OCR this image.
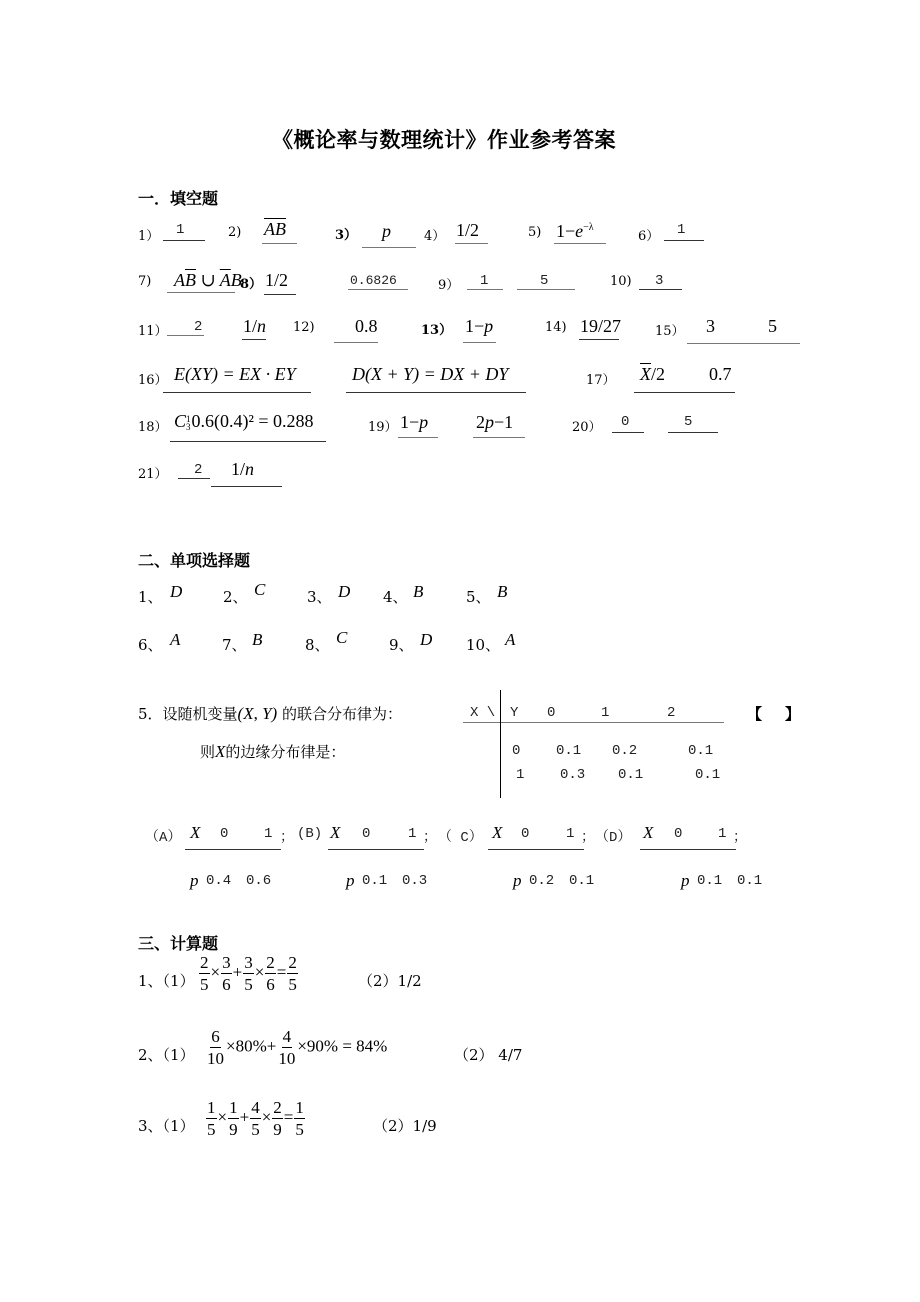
《概论率与数理统计》作业参考答案
一．填空题
1） 1	2) $\overline{A}\overline{B}$	3） p	4） 1/2	5) $1-e^{-\lambda}$
6） 1
7) $A\overline{B}$ ∪ $\overline{A}B$
8） 1/2	0.6826	9） 1	5	10) 3
11） 2 1/n 12) 0.8	13） 1−p	14) 19/27	15） 3	5
16） E(XY) = EX · EY	D(X + Y) = DX + DY	17） $\overline{X}/2$ 0.7
18） C 1
3 0.6(0.4)² = 0.288	19） 1−p	2p−1	20） 0	5
21） 2 1/n
二、单项选择题
1、 D	2、 C	3、 D 4、 B	5、 B
6、 A	7、 B	8、 C	9、 D 10、 A
5．设随机变量(X, Y) 的联合分布律为：
则X的边缘分布律是：
X \ Y 0	1	2
0	0.1 0.2	0.1
1	0.3 0.1	0.1
【 】
（A） X 0	1 ；
p 0.4 0.6
(B) X 0	1 ；
p 0.1 0.3
（ C） X 0	1 ；
p 0.2 0.1
（D） X 0	1 ；
p 0.1 0.1
三、计算题
1、$(1) \frac{2}{5} \times \frac{3}{6} + \frac{3}{5} \times \frac{2}{6} = \frac{2}{5}$	（2）1/2
2、$(1) \frac{6}{10} \times 80\%+ \frac{4}{10} \times 90\% = 84\%$	（2） 4/7
3、$(1) \frac{1}{5} \times \frac{1}{9} + \frac{4}{5} \times \frac{2}{9} = \frac{1}{5}$	（2）1/9
